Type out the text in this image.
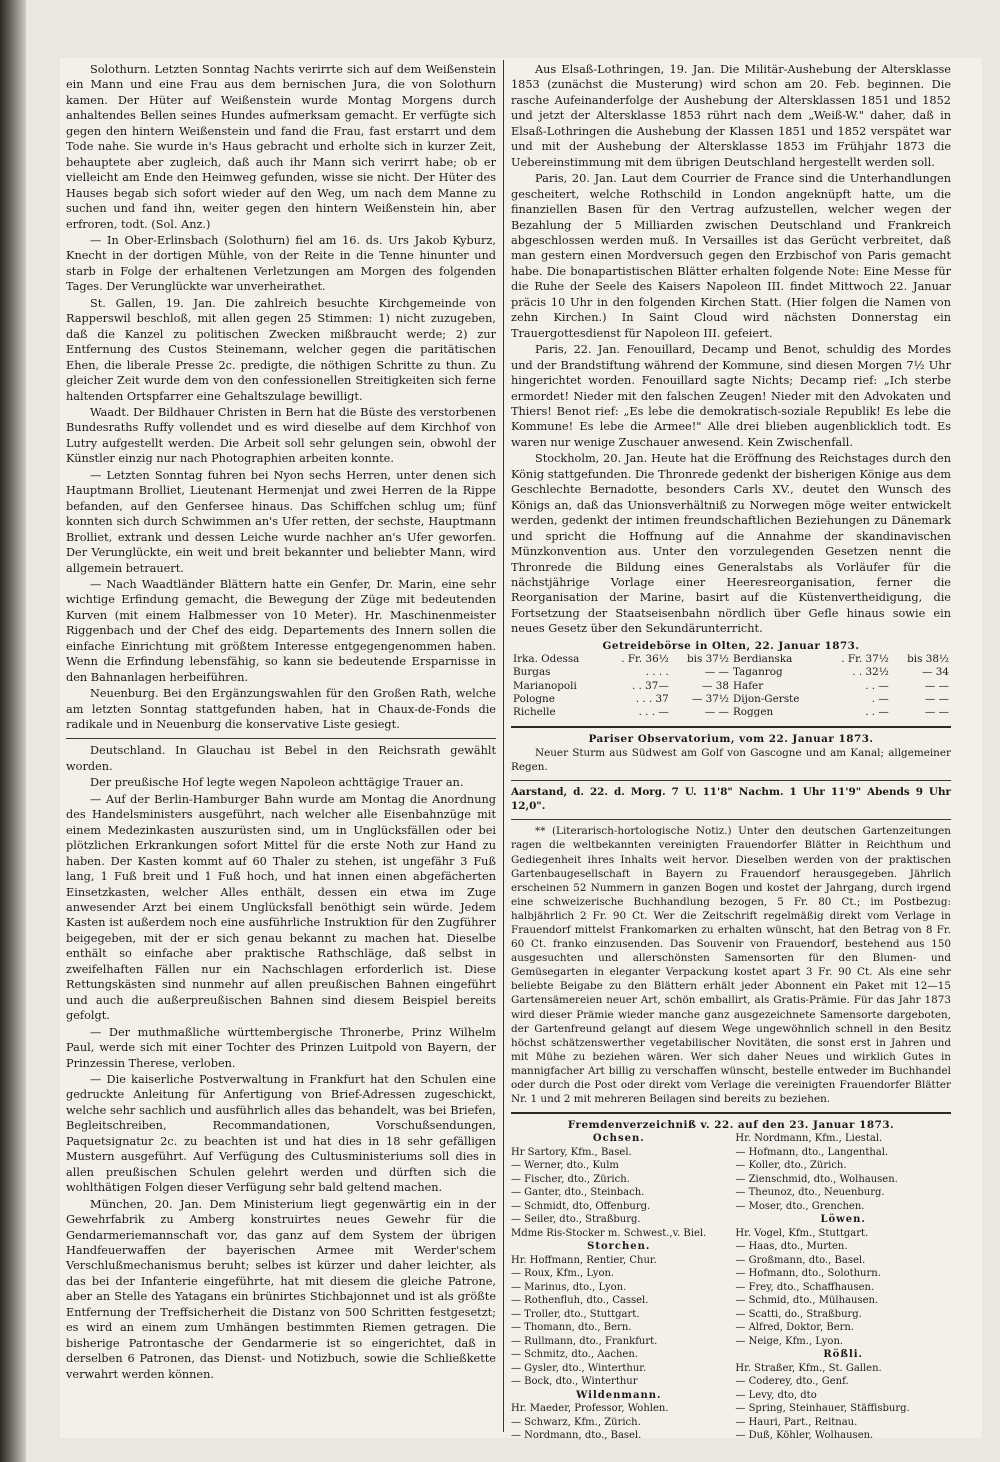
Solothurn. Letzten Sonntag Nachts verirrte sich auf dem Weißenstein ein Mann und eine Frau aus dem bernischen Jura, die von Solothurn kamen. Der Hüter auf Weißenstein wurde Montag Morgens durch anhaltendes Bellen seines Hundes aufmerksam gemacht. Er verfügte sich gegen den hintern Weißenstein und fand die Frau, fast erstarrt und dem Tode nahe. Sie wurde in's Haus gebracht und erholte sich in kurzer Zeit, behauptete aber zugleich, daß auch ihr Mann sich verirrt habe; ob er vielleicht am Ende den Heimweg gefunden, wisse sie nicht. Der Hüter des Hauses begab sich sofort wieder auf den Weg, um nach dem Manne zu suchen und fand ihn, weiter gegen den hintern Weißenstein hin, aber erfroren, todt. (Sol. Anz.)

— In Ober-Erlinsbach (Solothurn) fiel am 16. ds. Urs Jakob Kyburz, Knecht in der dortigen Mühle, von der Reite in die Tenne hinunter und starb in Folge der erhaltenen Verletzungen am Morgen des folgenden Tages. Der Verunglückte war unverheirathet.

St. Gallen, 19. Jan. Die zahlreich besuchte Kirchgemeinde von Rapperswil beschloß, mit allen gegen 25 Stimmen: 1) nicht zuzugeben, daß die Kanzel zu politischen Zwecken mißbraucht werde; 2) zur Entfernung des Custos Steinemann, welcher gegen die paritätischen Ehen, die liberale Presse 2c. predigte, die nöthigen Schritte zu thun. Zu gleicher Zeit wurde dem von den confessionellen Streitigkeiten sich ferne haltenden Ortspfarrer eine Gehaltszulage bewilligt.

Waadt. Der Bildhauer Christen in Bern hat die Büste des verstorbenen Bundesraths Ruffy vollendet und es wird dieselbe auf dem Kirchhof von Lutry aufgestellt werden. Die Arbeit soll sehr gelungen sein, obwohl der Künstler einzig nur nach Photographien arbeiten konnte.

— Letzten Sonntag fuhren bei Nyon sechs Herren, unter denen sich Hauptmann Brolliet, Lieutenant Hermenjat und zwei Herren de la Rippe befanden, auf den Genfersee hinaus. Das Schiffchen schlug um; fünf konnten sich durch Schwimmen an's Ufer retten, der sechste, Hauptmann Brolliet, extrank und dessen Leiche wurde nachher an's Ufer geworfen. Der Verunglückte, ein weit und breit bekannter und beliebter Mann, wird allgemein betrauert.

— Nach Waadtländer Blättern hatte ein Genfer, Dr. Marin, eine sehr wichtige Erfindung gemacht, die Bewegung der Züge mit bedeutenden Kurven (mit einem Halbmesser von 10 Meter). Hr. Maschinenmeister Riggenbach und der Chef des eidg. Departements des Innern sollen die einfache Einrichtung mit größtem Interesse entgegengenommen haben. Wenn die Erfindung lebensfähig, so kann sie bedeutende Ersparnisse in den Bahnanlagen herbeiführen.

Neuenburg. Bei den Ergänzungswahlen für den Großen Rath, welche am letzten Sonntag stattgefunden haben, hat in Chaux-de-Fonds die radikale und in Neuenburg die konservative Liste gesiegt.

Deutschland. In Glauchau ist Bebel in den Reichsrath gewählt worden.

Der preußische Hof legte wegen Napoleon achttägige Trauer an.

— Auf der Berlin-Hamburger Bahn wurde am Montag die Anordnung des Handelsministers ausgeführt, nach welcher alle Eisenbahnzüge mit einem Medezinkasten auszurüsten sind, um in Unglücksfällen oder bei plötzlichen Erkrankungen sofort Mittel für die erste Noth zur Hand zu haben. Der Kasten kommt auf 60 Thaler zu stehen, ist ungefähr 3 Fuß lang, 1 Fuß breit und 1 Fuß hoch, und hat innen einen abgefächerten Einsetzkasten, welcher Alles enthält, dessen ein etwa im Zuge anwesender Arzt bei einem Unglücksfall benöthigt sein würde. Jedem Kasten ist außerdem noch eine ausführliche Instruktion für den Zugführer beigegeben, mit der er sich genau bekannt zu machen hat. Dieselbe enthält so einfache aber praktische Rathschläge, daß selbst in zweifelhaften Fällen nur ein Nachschlagen erforderlich ist. Diese Rettungskästen sind nunmehr auf allen preußischen Bahnen eingeführt und auch die außerpreußischen Bahnen sind diesem Beispiel bereits gefolgt.

— Der muthmaßliche württembergische Thronerbe, Prinz Wilhelm Paul, werde sich mit einer Tochter des Prinzen Luitpold von Bayern, der Prinzessin Therese, verloben.

— Die kaiserliche Postverwaltung in Frankfurt hat den Schulen eine gedruckte Anleitung für Anfertigung von Brief-Adressen zugeschickt, welche sehr sachlich und ausführlich alles das behandelt, was bei Briefen, Begleitschreiben, Recommandationen, Vorschußsendungen, Paquetsignatur 2c. zu beachten ist und hat dies in 18 sehr gefälligen Mustern ausgeführt. Auf Verfügung des Cultusministeriums soll dies in allen preußischen Schulen gelehrt werden und dürften sich die wohlthätigen Folgen dieser Verfügung sehr bald geltend machen.

München, 20. Jan. Dem Ministerium liegt gegenwärtig ein in der Gewehrfabrik zu Amberg konstruirtes neues Gewehr für die Gendarmeriemannschaft vor, das ganz auf dem System der übrigen Handfeuerwaffen der bayerischen Armee mit Werder'schem Verschlußmechanismus beruht; selbes ist kürzer und daher leichter, als das bei der Infanterie eingeführte, hat mit diesem die gleiche Patrone, aber an Stelle des Yatagans ein brünirtes Stichbajonnet und ist als größte Entfernung der Treffsicherheit die Distanz von 500 Schritten festgesetzt; es wird an einem zum Umhängen bestimmten Riemen getragen. Die bisherige Patrontasche der Gendarmerie ist so eingerichtet, daß in derselben 6 Patronen, das Dienst- und Notizbuch, sowie die Schließkette verwahrt werden können.

Aus Elsaß-Lothringen, 19. Jan. Die Militär-Aushebung der Altersklasse 1853 (zunächst die Musterung) wird schon am 20. Feb. beginnen. Die rasche Aufeinanderfolge der Aushebung der Altersklassen 1851 und 1852 und jetzt der Altersklasse 1853 rührt nach dem „Weiß-W." daher, daß in Elsaß-Lothringen die Aushebung der Klassen 1851 und 1852 verspätet war und mit der Aushebung der Altersklasse 1853 im Frühjahr 1873 die Uebereinstimmung mit dem übrigen Deutschland hergestellt werden soll.

Paris, 20. Jan. Laut dem Courrier de France sind die Unterhandlungen gescheitert, welche Rothschild in London angeknüpft hatte, um die finanziellen Basen für den Vertrag aufzustellen, welcher wegen der Bezahlung der 5 Milliarden zwischen Deutschland und Frankreich abgeschlossen werden muß. In Versailles ist das Gerücht verbreitet, daß man gestern einen Mordversuch gegen den Erzbischof von Paris gemacht habe. Die bonapartistischen Blätter erhalten folgende Note: Eine Messe für die Ruhe der Seele des Kaisers Napoleon III. findet Mittwoch 22. Januar präcis 10 Uhr in den folgenden Kirchen Statt. (Hier folgen die Namen von zehn Kirchen.) In Saint Cloud wird nächsten Donnerstag ein Trauergottesdienst für Napoleon III. gefeiert.

Paris, 22. Jan. Fenouillard, Decamp und Benot, schuldig des Mordes und der Brandstiftung während der Kommune, sind diesen Morgen 7½ Uhr hingerichtet worden. Fenouillard sagte Nichts; Decamp rief: „Ich sterbe ermordet! Nieder mit den falschen Zeugen! Nieder mit den Advokaten und Thiers! Benot rief: „Es lebe die demokratisch-soziale Republik! Es lebe die Kommune! Es lebe die Armee!" Alle drei blieben augenblicklich todt. Es waren nur wenige Zuschauer anwesend. Kein Zwischenfall.

Stockholm, 20. Jan. Heute hat die Eröffnung des Reichstages durch den König stattgefunden. Die Thronrede gedenkt der bisherigen Könige aus dem Geschlechte Bernadotte, besonders Carls XV., deutet den Wunsch des Königs an, daß das Unionsverhältniß zu Norwegen möge weiter entwickelt werden, gedenkt der intimen freundschaftlichen Beziehungen zu Dänemark und spricht die Hoffnung auf die Annahme der skandinavischen Münzkonvention aus. Unter den vorzulegenden Gesetzen nennt die Thronrede die Bildung eines Generalstabs als Vorläufer für die nächstjährige Vorlage einer Heeresreorganisation, ferner die Reorganisation der Marine, basirt auf die Küstenvertheidigung, die Fortsetzung der Staatseisenbahn nördlich über Gefle hinaus sowie ein neues Gesetz über den Sekundärunterricht.

Getreidebörse in Olten, 22. Januar 1873.
Irka. Odessa	. Fr. 36½	bis 37½	Berdianska	. Fr. 37½	bis 38½
Burgas	. . . .	— —	Taganrog	. . 32½	— 34
Marianopoli	. . 37—	— 38	Hafer	. . —	— —
Pologne	. . . 37	— 37½	Dijon-Gerste	. —	— —
Richelle	. . . —	— —	Roggen	. . —	— —
Pariser Observatorium, vom 22. Januar 1873.

Neuer Sturm aus Südwest am Golf von Gascogne und am Kanal; allgemeiner Regen.

Aarstand, d. 22. d. Morg. 7 U. 11'8" Nachm. 1 Uhr 11'9" Abends 9 Uhr 12,0".

** (Literarisch-hortologische Notiz.) Unter den deutschen Gartenzeitungen ragen die weltbekannten vereinigten Frauendorfer Blätter in Reichthum und Gediegenheit ihres Inhalts weit hervor. Dieselben werden von der praktischen Gartenbaugesellschaft in Bayern zu Frauendorf herausgegeben. Jährlich erscheinen 52 Nummern in ganzen Bogen und kostet der Jahrgang, durch irgend eine schweizerische Buchhandlung bezogen, 5 Fr. 80 Ct.; im Postbezug: halbjährlich 2 Fr. 90 Ct. Wer die Zeitschrift regelmäßig direkt vom Verlage in Frauendorf mittelst Frankomarken zu erhalten wünscht, hat den Betrag von 8 Fr. 60 Ct. franko einzusenden. Das Souvenir von Frauendorf, bestehend aus 150 ausgesuchten und allerschönsten Samensorten für den Blumen- und Gemüsegarten in eleganter Verpackung kostet apart 3 Fr. 90 Ct. Als eine sehr beliebte Beigabe zu den Blättern erhält jeder Abonnent ein Paket mit 12—15 Gartensämereien neuer Art, schön emballirt, als Gratis-Prämie. Für das Jahr 1873 wird dieser Prämie wieder manche ganz ausgezeichnete Samensorte dargeboten, der Gartenfreund gelangt auf diesem Wege ungewöhnlich schnell in den Besitz höchst schätzenswerther vegetabilischer Novitäten, die sonst erst in Jahren und mit Mühe zu beziehen wären. Wer sich daher Neues und wirklich Gutes in mannigfacher Art billig zu verschaffen wünscht, bestelle entweder im Buchhandel oder durch die Post oder direkt vom Verlage die vereinigten Frauendorfer Blätter Nr. 1 und 2 mit mehreren Beilagen sind bereits zu beziehen.

Fremdenverzeichniß v. 22. auf den 23. Januar 1873.
Ochsen.
Hr Sartory, Kfm., Basel.
— Werner, dto., Kulm
— Fischer, dto., Zürich.
— Ganter, dto., Steinbach.
— Schmidt, dto, Offenburg.
— Seiler, dto., Straßburg.
Mdme Ris-Stocker m. Schwest.,v. Biel.
Storchen.
Hr. Hoffmann, Rentier, Chur.
— Roux, Kfm., Lyon.
— Marinus, dto., Lyon.
— Rothenfluh, dto., Cassel.
— Troller, dto., Stuttgart.
— Thomann, dto., Bern.
— Rullmann, dto., Frankfurt.
— Schmitz, dto., Aachen.
— Gysler, dto., Winterthur.
— Bock, dto., Winterthur
Wildenmann.
Hr. Maeder, Professor, Wohlen.
— Schwarz, Kfm., Zürich.
— Nordmann, dto., Basel.
Hr. Nordmann, Kfm., Liestal.
— Hofmann, dto., Langenthal.
— Koller, dto., Zürich.
— Zienschmid, dto., Wolhausen.
— Theunoz, dto., Neuenburg.
— Moser, dto., Grenchen.
Löwen.
Hr. Vogel, Kfm., Stuttgart.
— Haas, dto., Murten.
— Großmann, dto., Basel.
— Hofmann, dto., Solothurn.
— Frey, dto., Schaffhausen.
— Schmid, dto., Mülhausen.
— Scatti, do., Straßburg.
— Alfred, Doktor, Bern.
— Neige, Kfm., Lyon.
Rößli.
Hr. Straßer, Kfm., St. Gallen.
— Coderey, dto., Genf.
— Levy, dto, dto
— Spring, Steinhauer, Stäffisburg.
— Hauri, Part., Reitnau.
— Duß, Köhler, Wolhausen.
